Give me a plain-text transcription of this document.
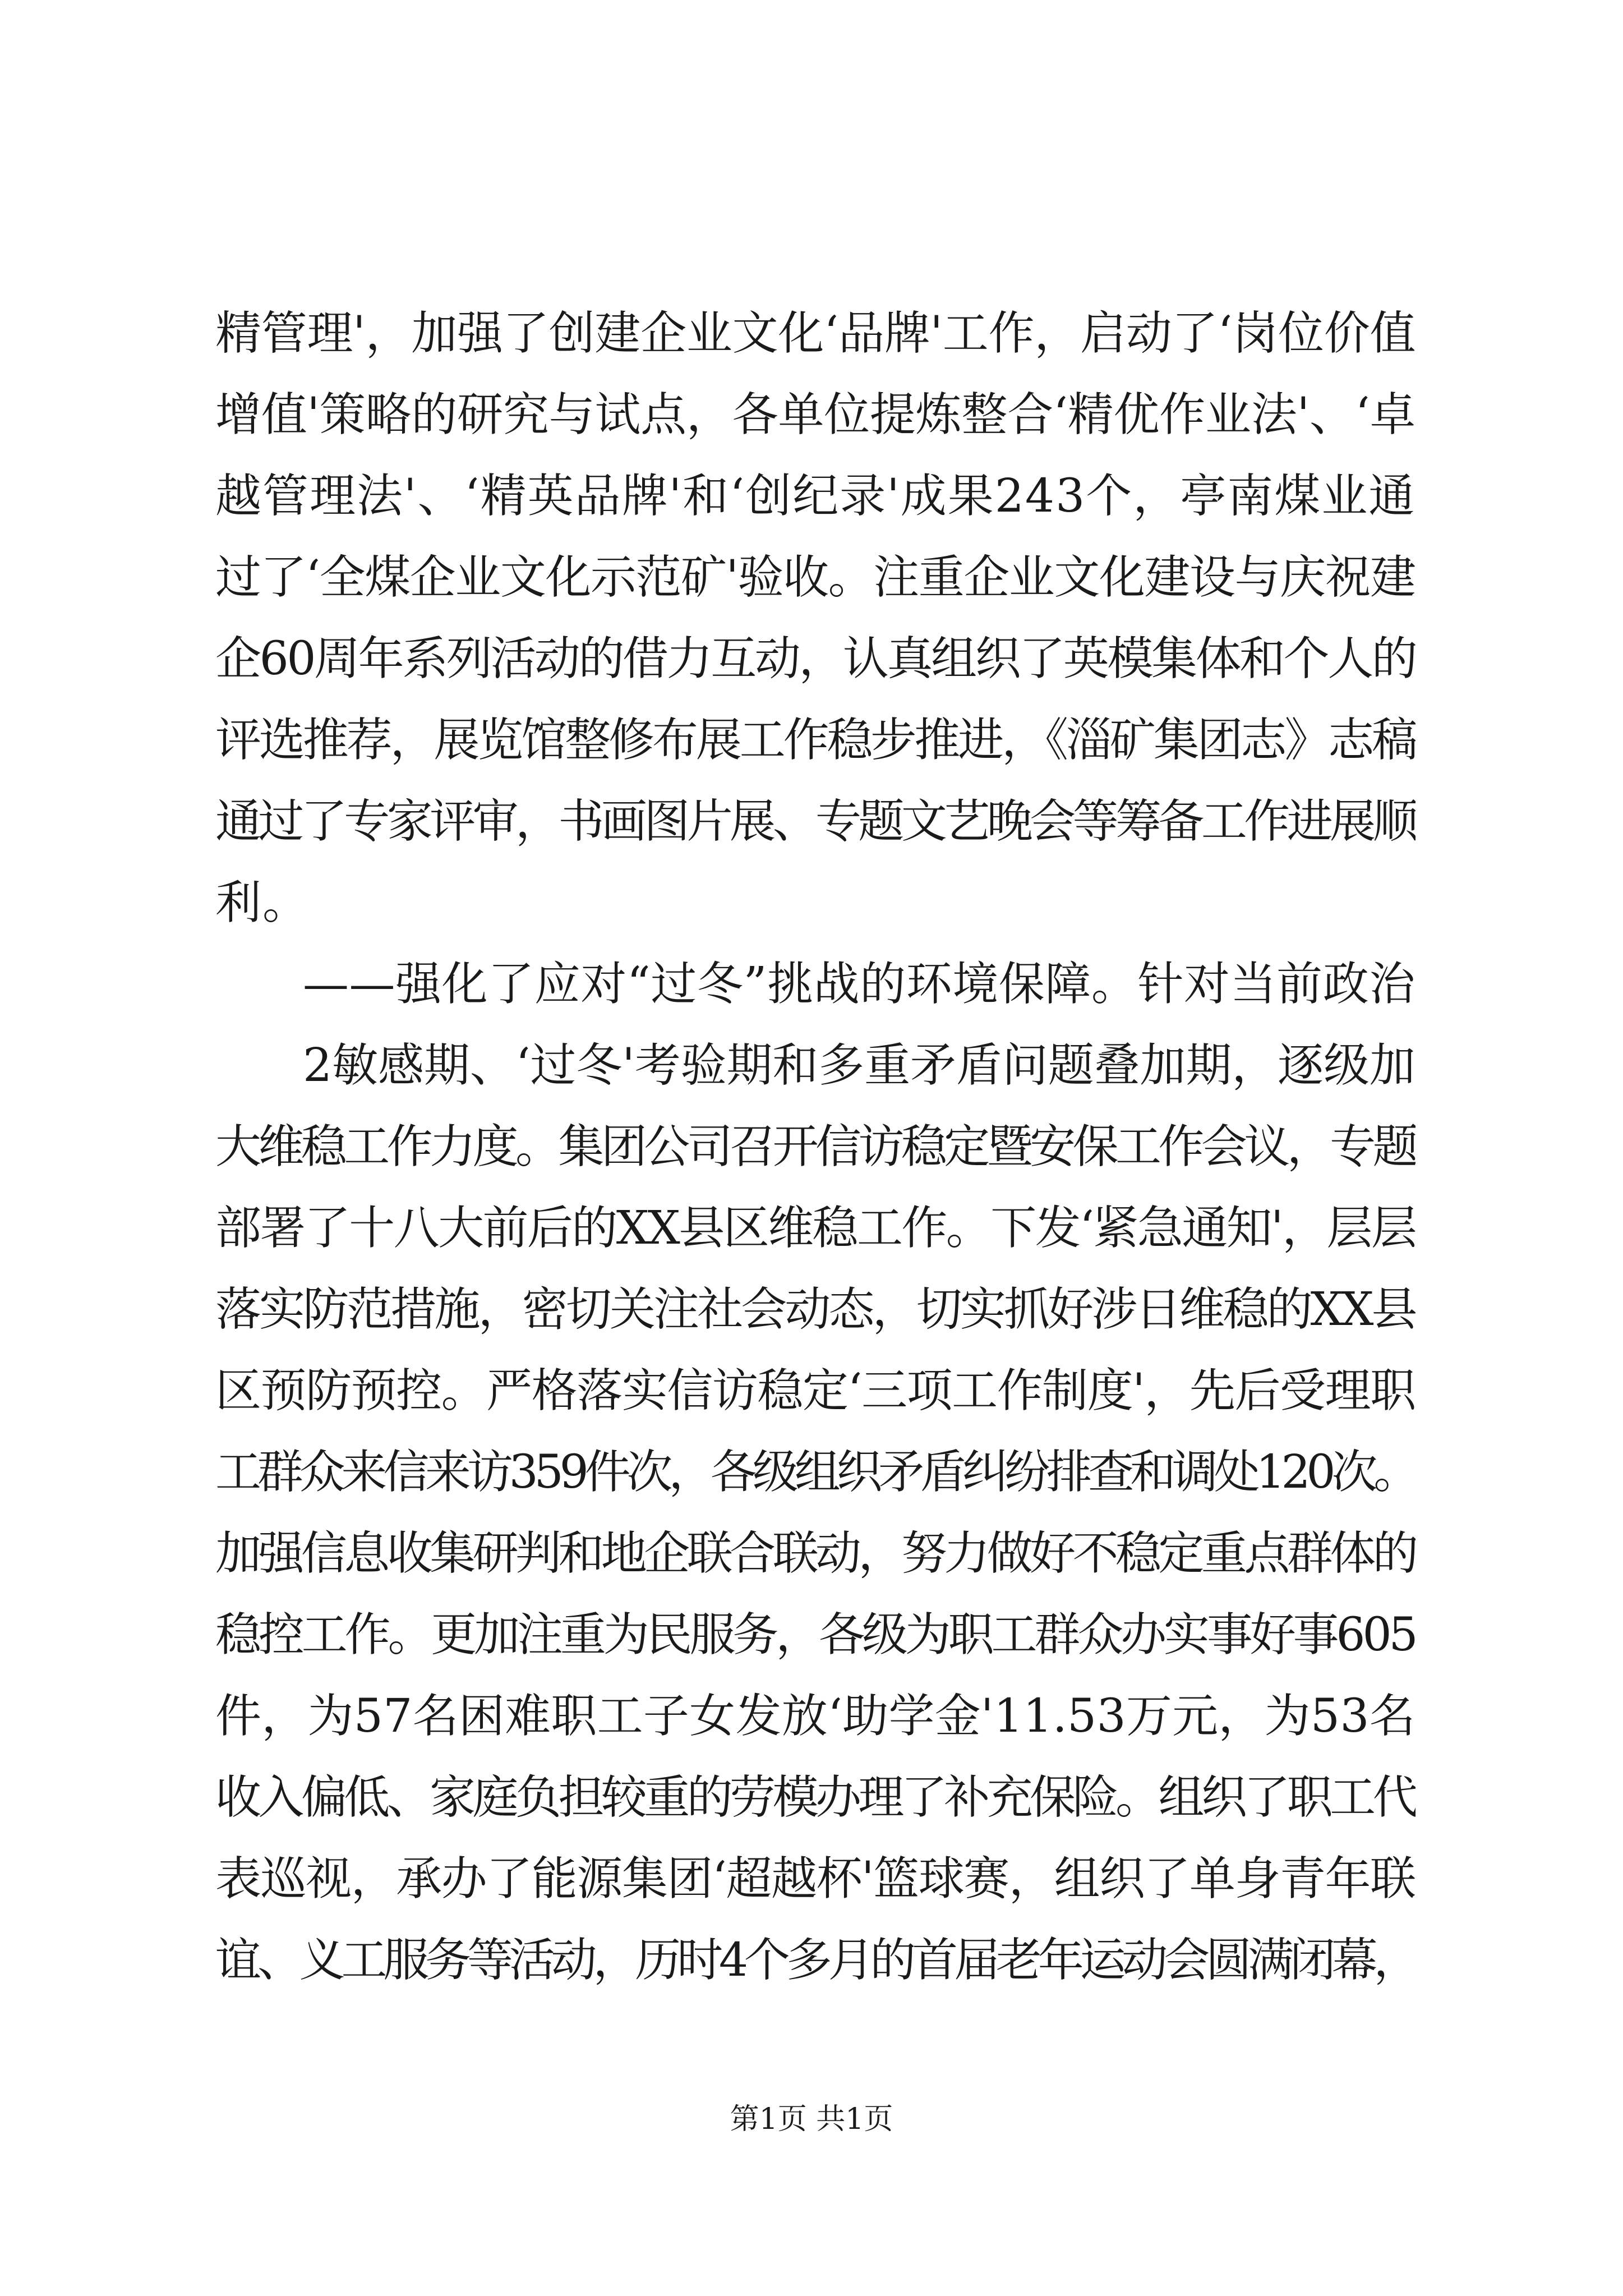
精管理'，加强了创建企业文化‘品牌'工作，启动了‘岗位价值
增值'策略的研究与试点，各单位提炼整合‘精优作业法'、‘卓
越管理法'、‘精英品牌'和‘创纪录'成果243个，亭南煤业通
过了‘全煤企业文化示范矿'验收。注重企业文化建设与庆祝建
企60周年系列活动的借力互动，认真组织了英模集体和个人的
评选推荐，展览馆整修布展工作稳步推进，《淄矿集团志》志稿
通过了专家评审，书画图片展、专题文艺晚会等筹备工作进展顺
利。
——强化了应对“过冬”挑战的环境保障。针对当前政治
2敏感期、‘过冬'考验期和多重矛盾问题叠加期，逐级加
大维稳工作力度。集团公司召开信访稳定暨安保工作会议，专题
部署了十八大前后的XX县区维稳工作。下发‘紧急通知'，层层
落实防范措施，密切关注社会动态，切实抓好涉日维稳的XX县
区预防预控。严格落实信访稳定‘三项工作制度'，先后受理职
工群众来信来访359件次，各级组织矛盾纠纷排查和调处120次。
加强信息收集研判和地企联合联动，努力做好不稳定重点群体的
稳控工作。更加注重为民服务，各级为职工群众办实事好事605
件，为57名困难职工子女发放‘助学金'11.53万元，为53名
收入偏低、家庭负担较重的劳模办理了补充保险。组织了职工代
表巡视，承办了能源集团‘超越杯'篮球赛，组织了单身青年联
谊、义工服务等活动，历时4个多月的首届老年运动会圆满闭幕，
第1页 共1页
